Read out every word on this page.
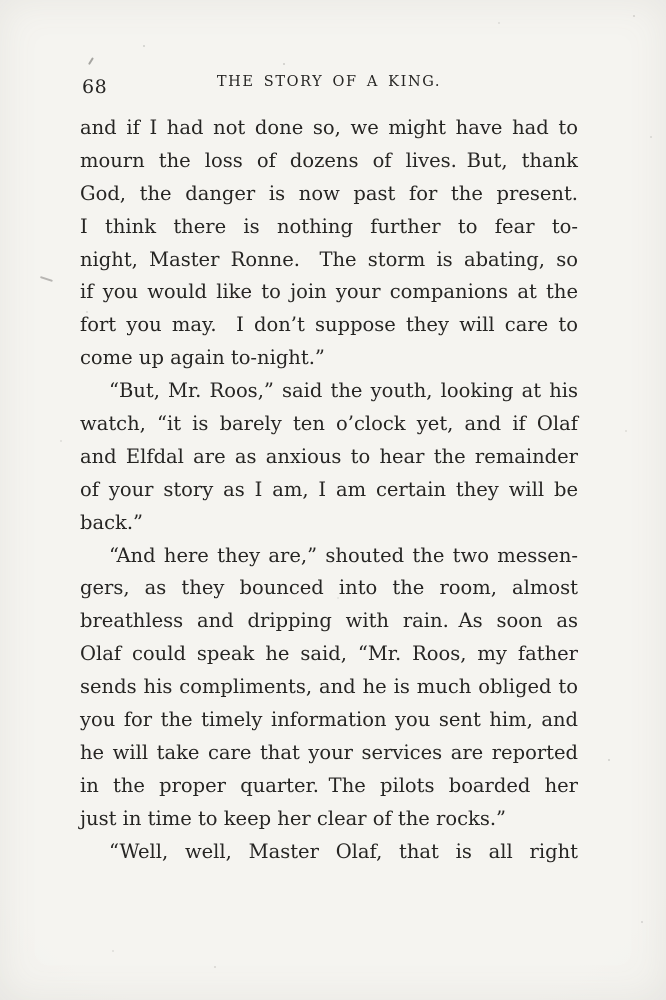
68	THE STORY OF A KING.
and if I had not done so, we might have had to
mourn the loss of dozens of lives. But, thank
God, the danger is now past for the present.
I think there is nothing further to fear to-
night, Master Ronne. The storm is abating, so
if you would like to join your companions at the
fort you may. I don’t suppose they will care to
come up again to-night.”
“But, Mr. Roos,” said the youth, looking at his
watch, “it is barely ten o’clock yet, and if Olaf
and Elfdal are as anxious to hear the remainder
of your story as I am, I am certain they will be
back.”
“And here they are,” shouted the two messen-
gers, as they bounced into the room, almost
breathless and dripping with rain. As soon as
Olaf could speak he said, “Mr. Roos, my father
sends his compliments, and he is much obliged to
you for the timely information you sent him, and
he will take care that your services are reported
in the proper quarter. The pilots boarded her
just in time to keep her clear of the rocks.”
“Well, well, Master Olaf, that is all right
